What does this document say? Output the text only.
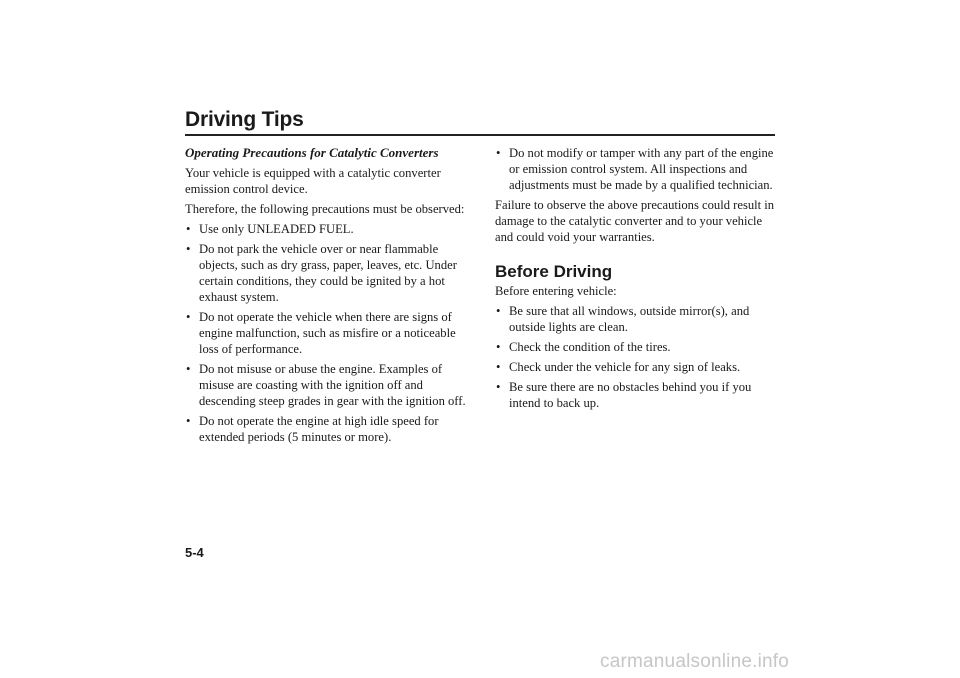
Driving Tips

Operating Precautions for Catalytic Converters

Your vehicle is equipped with a catalytic converter emission control device.

Therefore, the following precautions must be observed:

• Use only UNLEADED FUEL.
• Do not park the vehicle over or near flammable objects, such as dry grass, paper, leaves, etc. Under certain conditions, they could be ignited by a hot exhaust system.
• Do not operate the vehicle when there are signs of engine malfunction, such as misfire or a noticeable loss of performance.
• Do not misuse or abuse the engine. Examples of misuse are coasting with the ignition off and descending steep grades in gear with the ignition off.
• Do not operate the engine at high idle speed for extended periods (5 minutes or more).
• Do not modify or tamper with any part of the engine or emission control system. All inspections and adjustments must be made by a qualified technician.

Failure to observe the above precautions could result in damage to the catalytic converter and to your vehicle and could void your warranties.

Before Driving

Before entering vehicle:

• Be sure that all windows, outside mirror(s), and outside lights are clean.
• Check the condition of the tires.
• Check under the vehicle for any sign of leaks.
• Be sure there are no obstacles behind you if you intend to back up.
5-4
carmanualsonline.info
